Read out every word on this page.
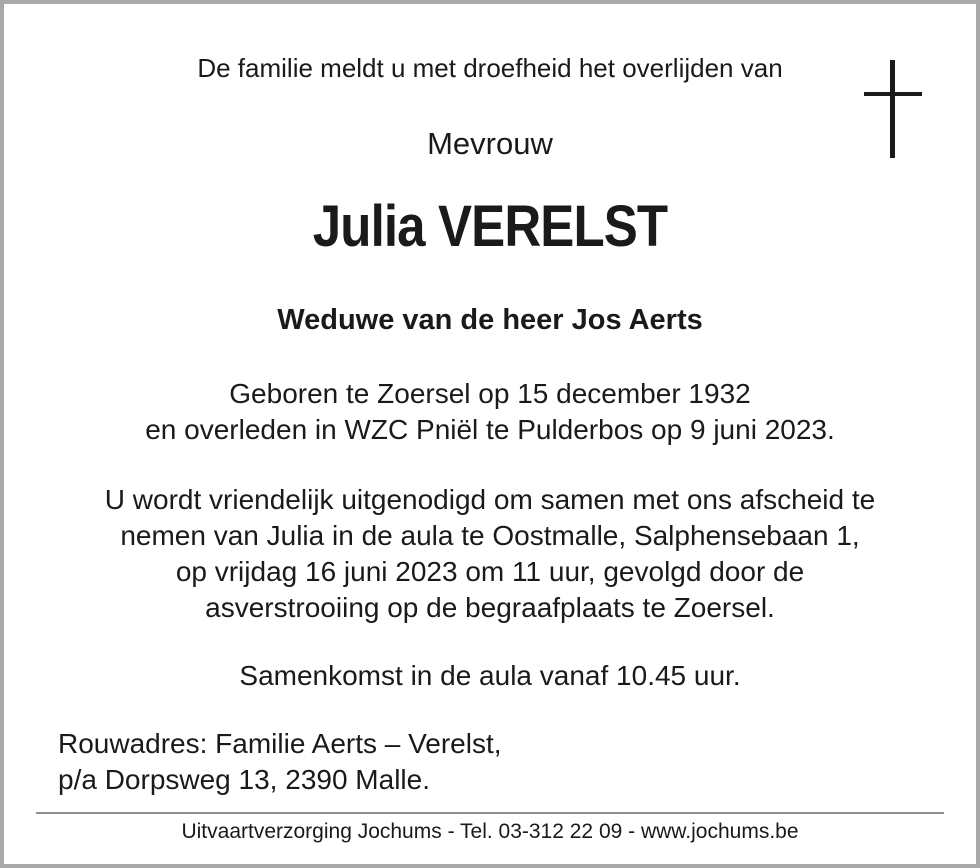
De familie meldt u met droefheid het overlijden van
Mevrouw
Julia VERELST
Weduwe van de heer Jos Aerts
Geboren te Zoersel op 15 december 1932
en overleden in WZC Pniël te Pulderbos op 9 juni 2023.
U wordt vriendelijk uitgenodigd om samen met ons afscheid te
nemen van Julia in de aula te Oostmalle, Salphensebaan 1,
op vrijdag 16 juni 2023 om 11 uur, gevolgd door de
asverstrooiing op de begraafplaats te Zoersel.
Samenkomst in de aula vanaf 10.45 uur.
Rouwadres: Familie Aerts – Verelst,
p/a Dorpsweg 13, 2390 Malle.
Uitvaartverzorging Jochums - Tel. 03-312 22 09 - www.jochums.be
